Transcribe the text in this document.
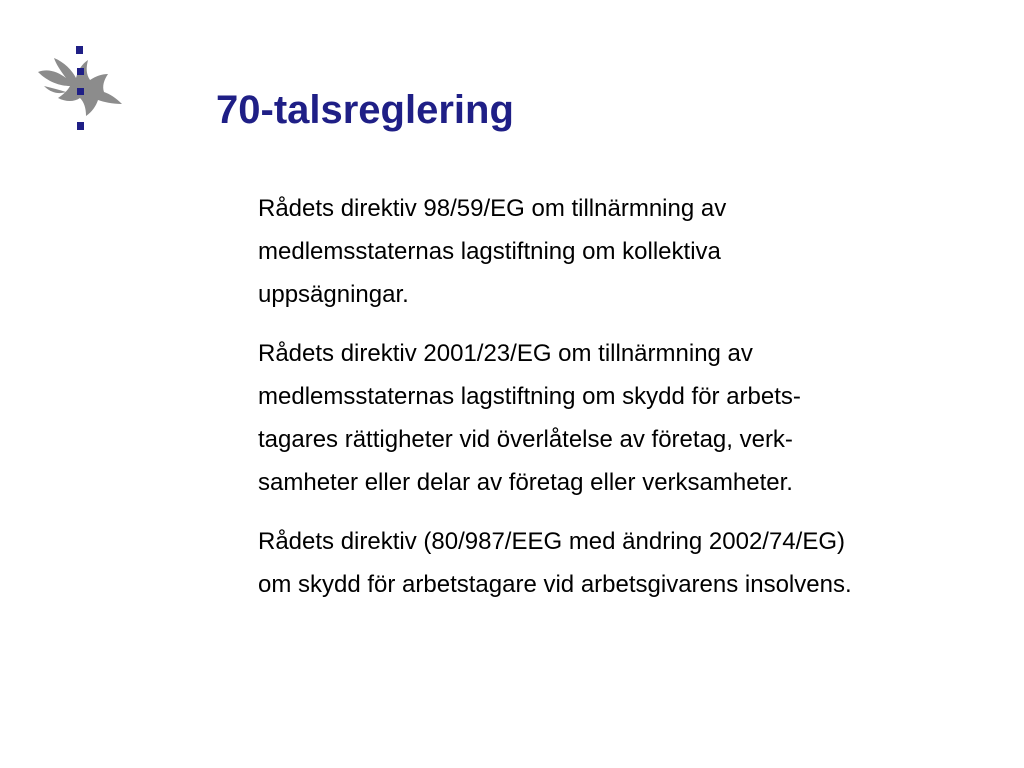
70-talsreglering

Rådets direktiv 98/59/EG om tillnärmning av
medlemsstaternas lagstiftning om kollektiva
uppsägningar.

Rådets direktiv 2001/23/EG om tillnärmning av
medlemsstaternas lagstiftning om skydd för arbets-
tagares rättigheter vid överlåtelse av företag, verk-
samheter eller delar av företag eller verksamheter.

Rådets direktiv (80/987/EEG med ändring 2002/74/EG)
om skydd för arbetstagare vid arbetsgivarens insolvens.
